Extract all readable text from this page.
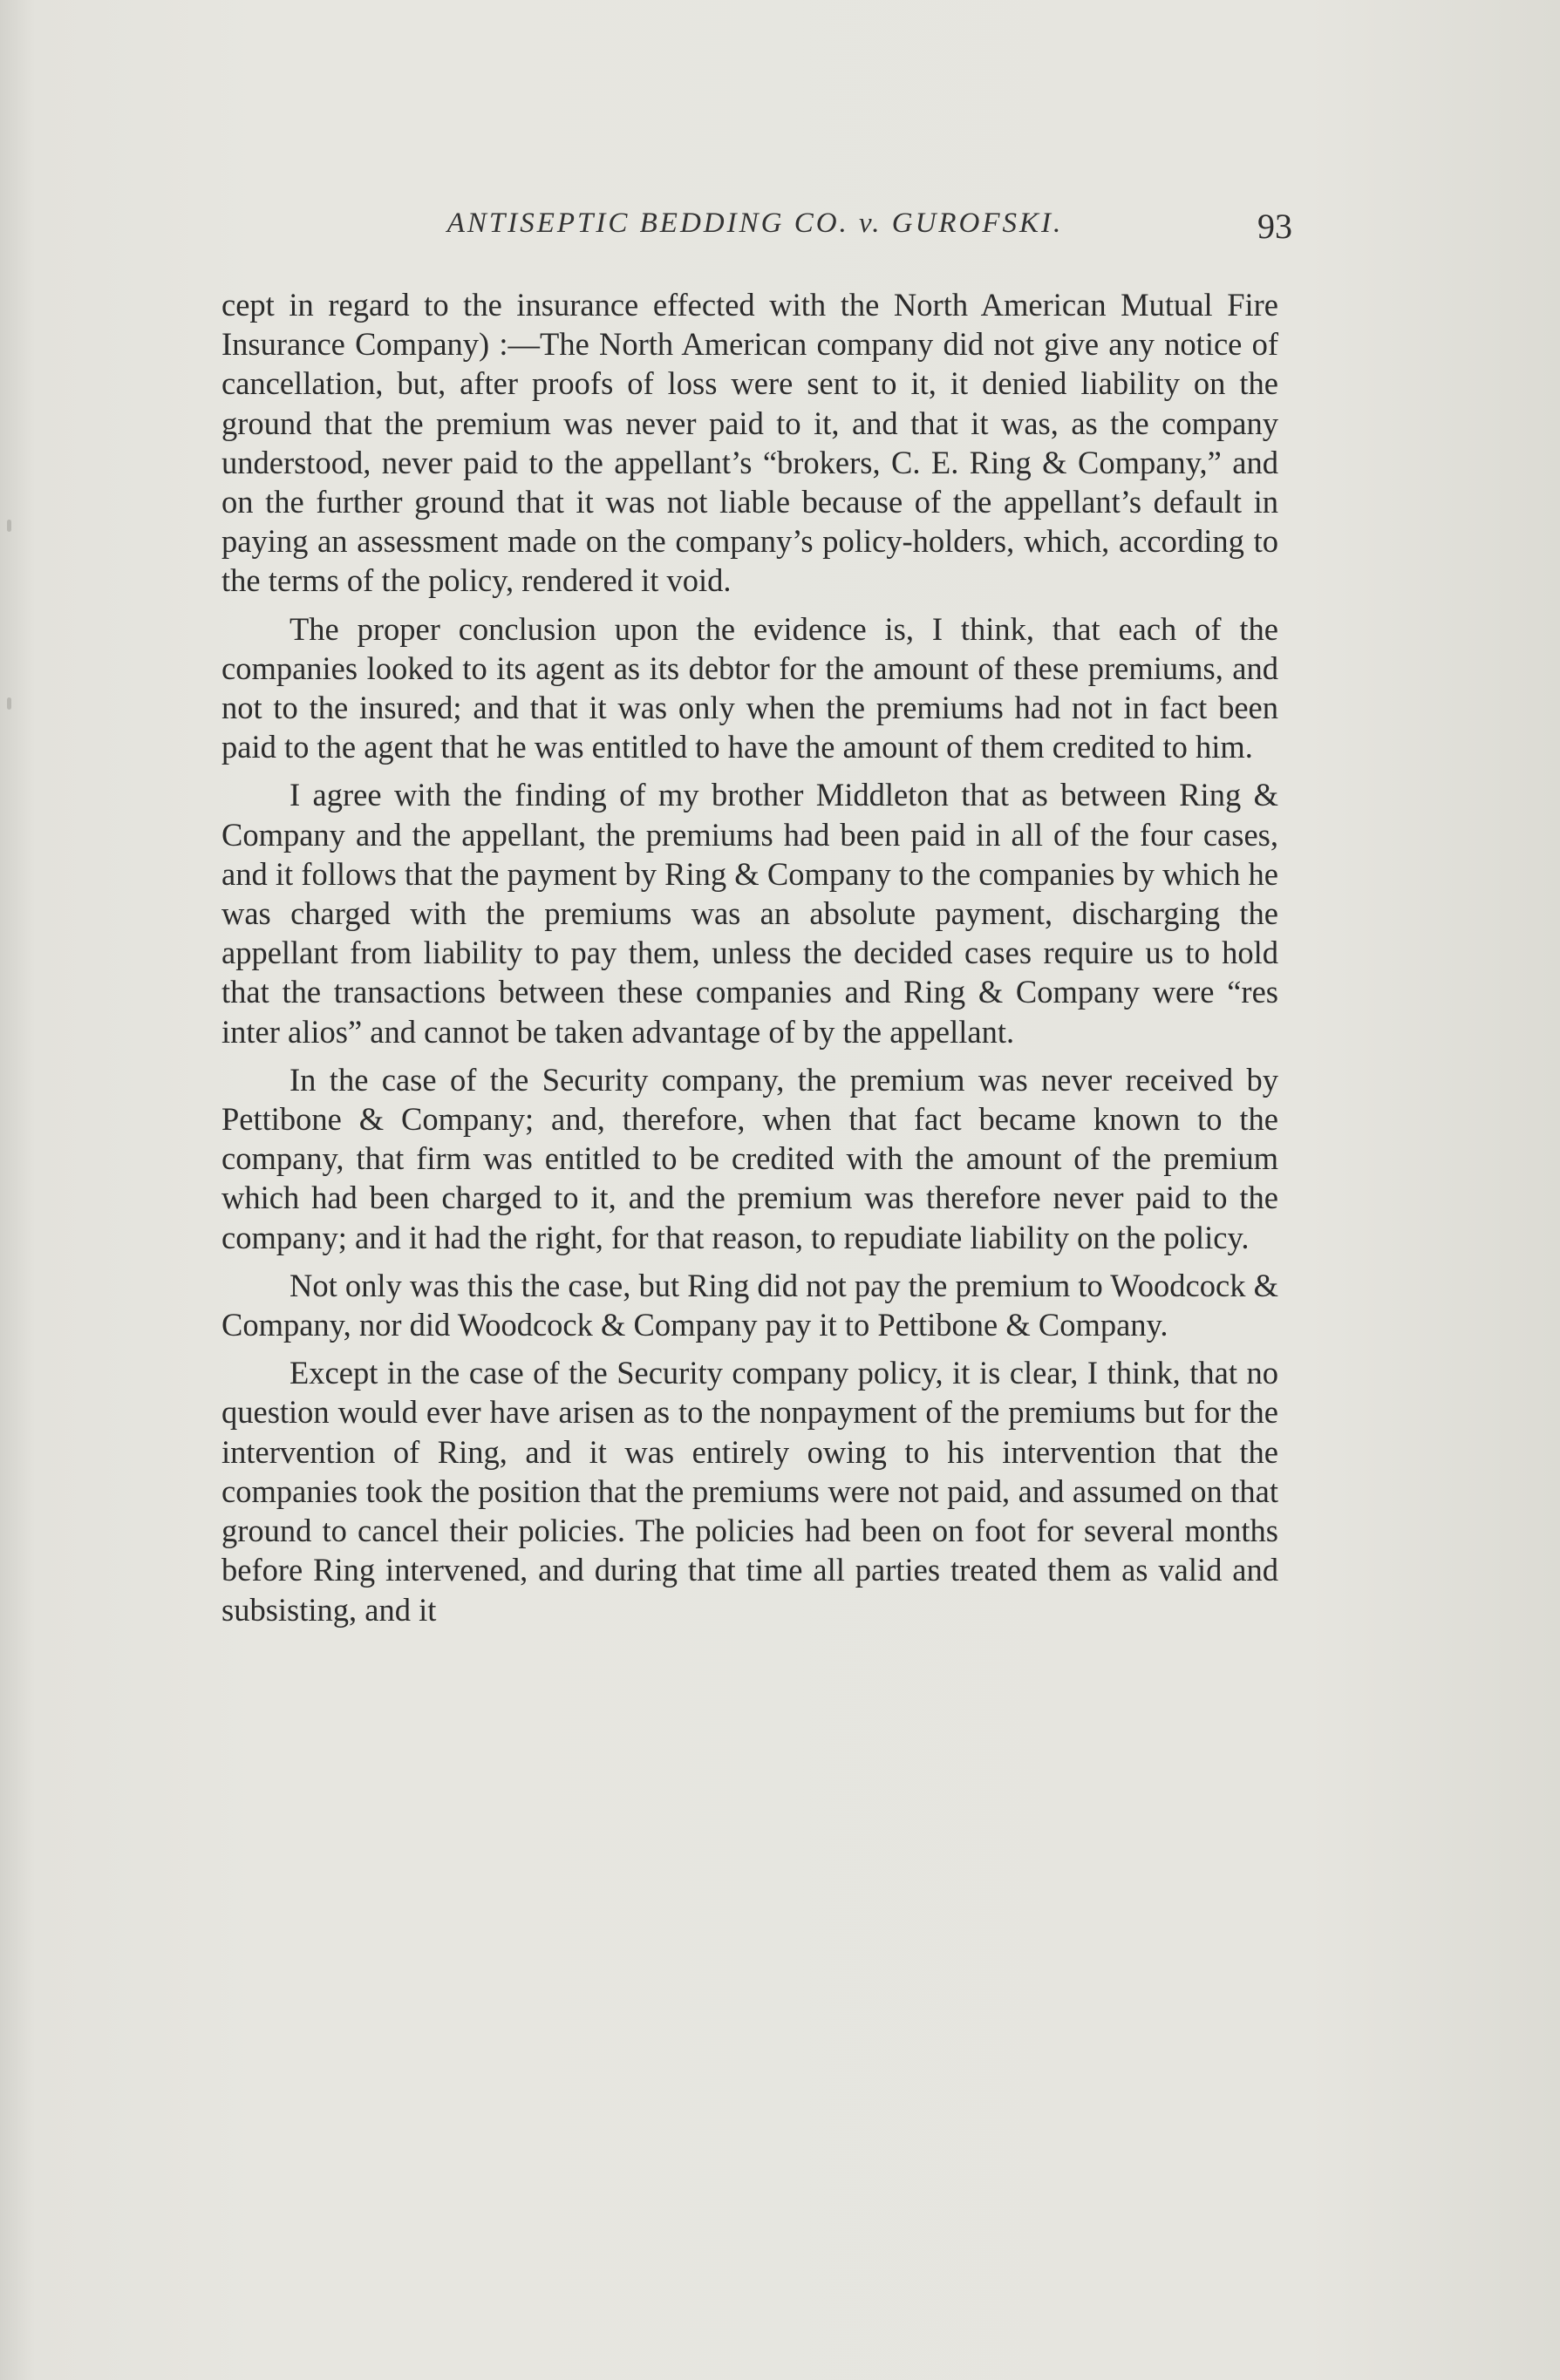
ANTISEPTIC BEDDING CO. v. GUROFSKI.	93

cept in regard to the insurance effected with the North American Mutual Fire Insurance Company) :—The North American company did not give any notice of cancellation, but, after proofs of loss were sent to it, it denied liability on the ground that the premium was never paid to it, and that it was, as the company understood, never paid to the appellant’s “brokers, C. E. Ring & Company,” and on the further ground that it was not liable because of the appellant’s default in paying an assessment made on the company’s policy-holders, which, according to the terms of the policy, rendered it void.

The proper conclusion upon the evidence is, I think, that each of the companies looked to its agent as its debtor for the amount of these premiums, and not to the insured; and that it was only when the premiums had not in fact been paid to the agent that he was entitled to have the amount of them credited to him.

I agree with the finding of my brother Middleton that as between Ring & Company and the appellant, the premiums had been paid in all of the four cases, and it follows that the payment by Ring & Company to the companies by which he was charged with the premiums was an absolute payment, discharging the appellant from liability to pay them, unless the decided cases require us to hold that the transactions between these companies and Ring & Company were “res inter alios” and cannot be taken advantage of by the appellant.

In the case of the Security company, the premium was never received by Pettibone & Company; and, therefore, when that fact became known to the company, that firm was entitled to be credited with the amount of the premium which had been charged to it, and the premium was therefore never paid to the company; and it had the right, for that reason, to repudiate liability on the policy.

Not only was this the case, but Ring did not pay the premium to Woodcock & Company, nor did Woodcock & Company pay it to Pettibone & Company.

Except in the case of the Security company policy, it is clear, I think, that no question would ever have arisen as to the nonpayment of the premiums but for the intervention of Ring, and it was entirely owing to his intervention that the companies took the position that the premiums were not paid, and assumed on that ground to cancel their policies. The policies had been on foot for several months before Ring intervened, and during that time all parties treated them as valid and subsisting, and it
